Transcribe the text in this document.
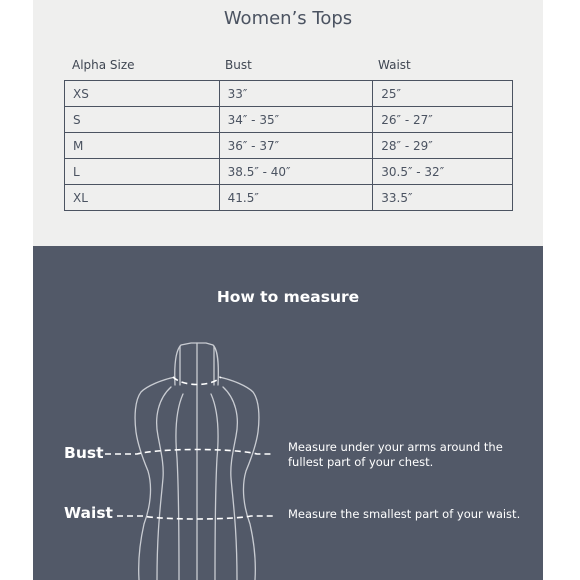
Women’s Tops
Alpha Size	Bust	Waist
XS	33″	25″
S	34″ - 35″	26″ - 27″
M	36″ - 37″	28″ - 29″
L	38.5″ - 40″	30.5″ - 32″
XL	41.5″	33.5″
How to measure
Bust	Measure under your arms around the fullest part of your chest.
Waist	Measure the smallest part of your waist.
